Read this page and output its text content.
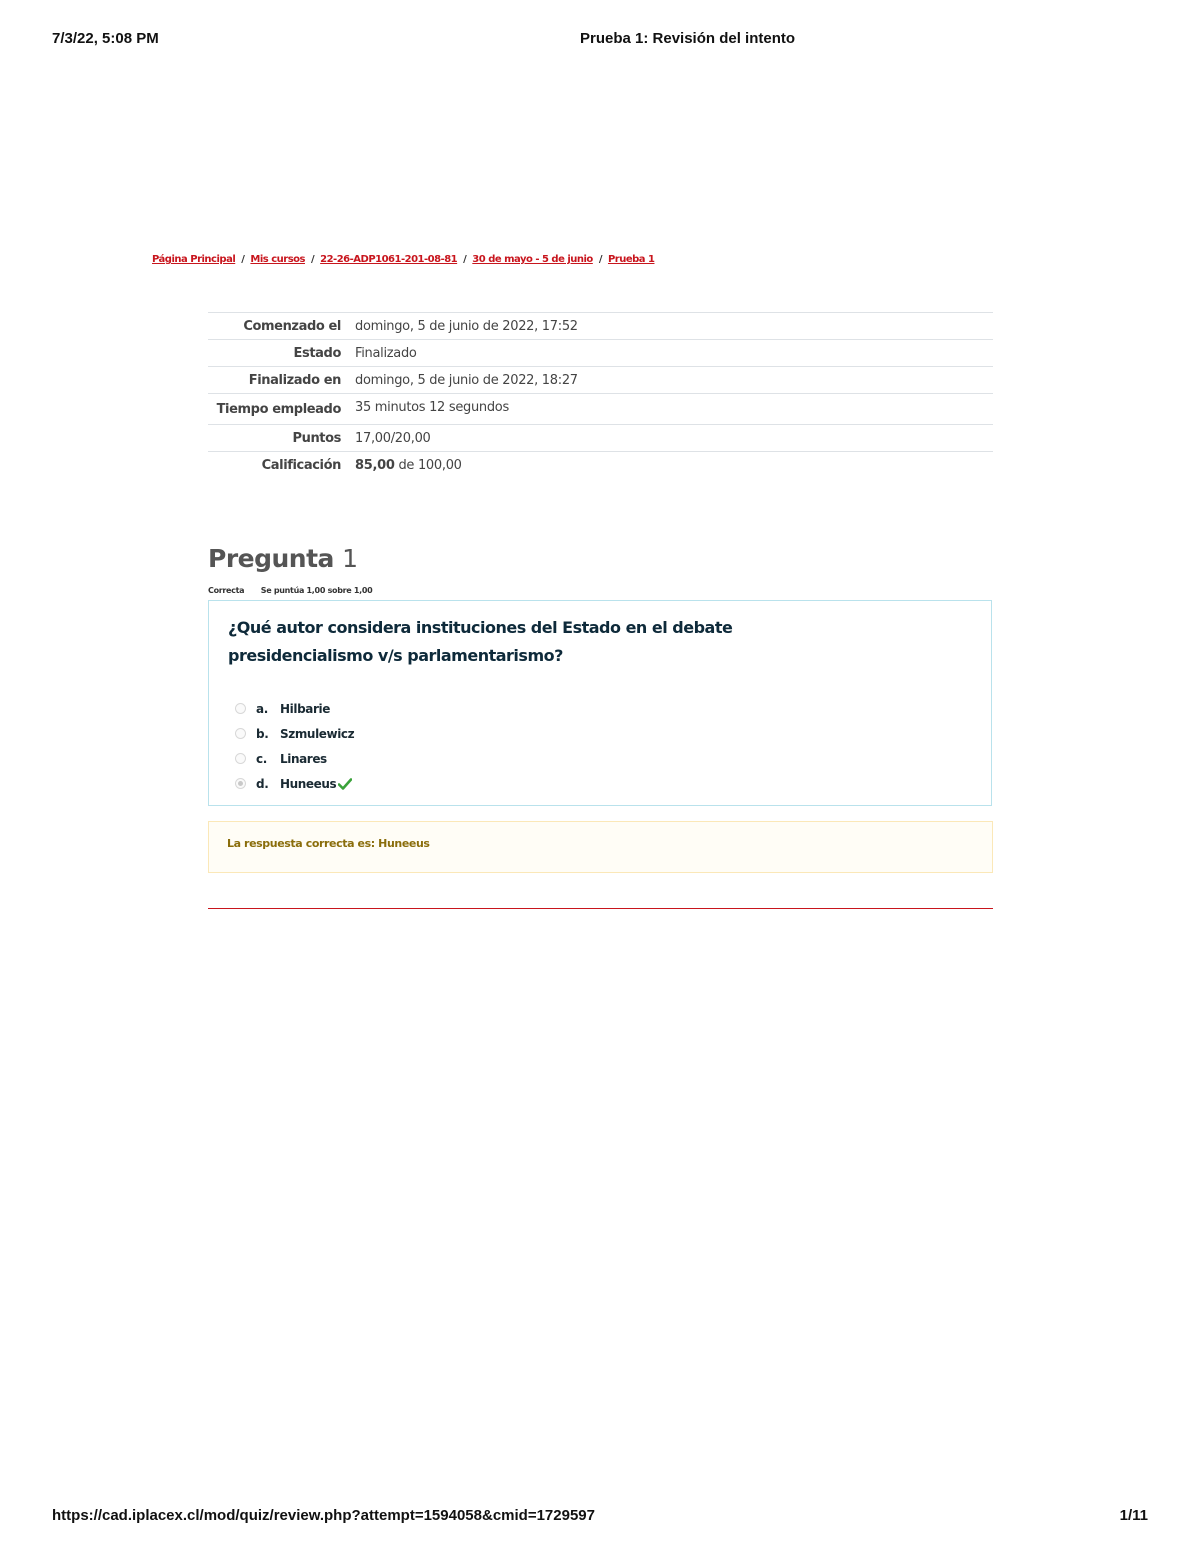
7/3/22, 5:08 PM	Prueba 1: Revisión del intento
Página Principal / Mis cursos / 22-26-ADP1061-201-08-81 / 30 de mayo - 5 de junio / Prueba 1
Comenzado el	domingo, 5 de junio de 2022, 17:52
Estado	Finalizado
Finalizado en	domingo, 5 de junio de 2022, 18:27
Tiempo empleado	35 minutos 12 segundos
Puntos	17,00/20,00
Calificación	85,00 de 100,00
Pregunta 1
Correcta Se puntúa 1,00 sobre 1,00
¿Qué autor considera instituciones del Estado en el debate presidencialismo v/s parlamentarismo?
a.	Hilbarie
b. Szmulewicz
c.	Linares
d. Huneeus
La respuesta correcta es: Huneeus
https://cad.iplacex.cl/mod/quiz/review.php?attempt=1594058&cmid=1729597	1/11
